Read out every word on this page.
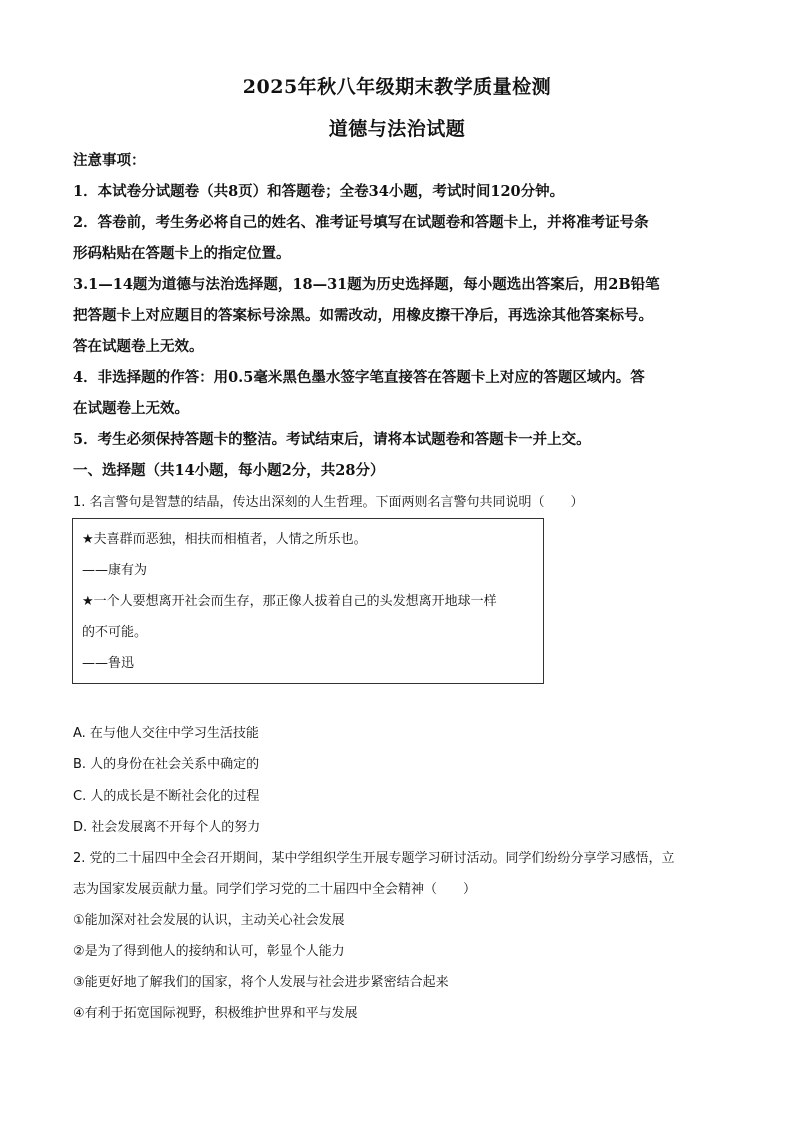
2025年秋八年级期末教学质量检测
道德与法治试题
注意事项：
1．本试卷分试题卷（共8页）和答题卷；全卷34小题，考试时间120分钟。
2．答卷前，考生务必将自己的姓名、准考证号填写在试题卷和答题卡上，并将准考证号条
形码粘贴在答题卡上的指定位置。
3.1—14题为道德与法治选择题，18—31题为历史选择题，每小题选出答案后，用2B铅笔
把答题卡上对应题目的答案标号涂黑。如需改动，用橡皮擦干净后，再选涂其他答案标号。
答在试题卷上无效。
4．非选择题的作答：用0.5毫米黑色墨水签字笔直接答在答题卡上对应的答题区域内。答
在试题卷上无效。
5．考生必须保持答题卡的整洁。考试结束后，请将本试题卷和答题卡一并上交。
一、选择题（共14小题，每小题2分，共28分）
1. 名言警句是智慧的结晶，传达出深刻的人生哲理。下面两则名言警句共同说明（　　）
★夫喜群而恶独，相扶而相植者，人情之所乐也。
——康有为
★一个人要想离开社会而生存，那正像人拔着自己的头发想离开地球一样
的不可能。
——鲁迅
A. 在与他人交往中学习生活技能
B. 人的身份在社会关系中确定的
C. 人的成长是不断社会化的过程
D. 社会发展离不开每个人的努力
2. 党的二十届四中全会召开期间，某中学组织学生开展专题学习研讨活动。同学们纷纷分享学习感悟，立
志为国家发展贡献力量。同学们学习党的二十届四中全会精神（　　）
①能加深对社会发展的认识，主动关心社会发展
②是为了得到他人的接纳和认可，彰显个人能力
③能更好地了解我们的国家，将个人发展与社会进步紧密结合起来
④有利于拓宽国际视野，积极维护世界和平与发展
